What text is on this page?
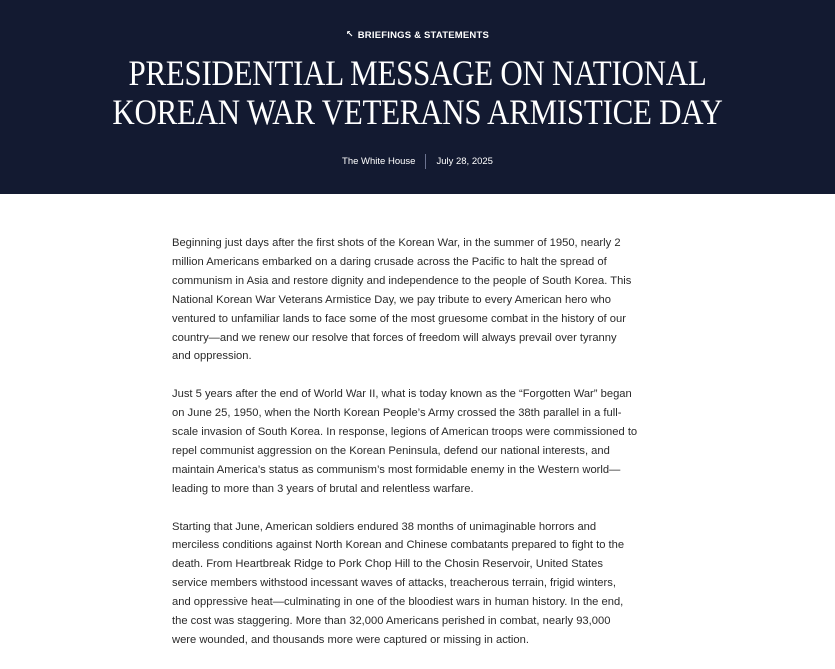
↖ BRIEFINGS & STATEMENTS
PRESIDENTIAL MESSAGE ON NATIONAL
KOREAN WAR VETERANS ARMISTICE DAY
The White House	July 28, 2025

Beginning just days after the first shots of the Korean War, in the summer of 1950, nearly 2
million Americans embarked on a daring crusade across the Pacific to halt the spread of
communism in Asia and restore dignity and independence to the people of South Korea. This
National Korean War Veterans Armistice Day, we pay tribute to every American hero who
ventured to unfamiliar lands to face some of the most gruesome combat in the history of our
country—and we renew our resolve that forces of freedom will always prevail over tyranny
and oppression.

Just 5 years after the end of World War II, what is today known as the “Forgotten War” began
on June 25, 1950, when the North Korean People’s Army crossed the 38th parallel in a full-
scale invasion of South Korea. In response, legions of American troops were commissioned to
repel communist aggression on the Korean Peninsula, defend our national interests, and
maintain America’s status as communism’s most formidable enemy in the Western world—
leading to more than 3 years of brutal and relentless warfare.

Starting that June, American soldiers endured 38 months of unimaginable horrors and
merciless conditions against North Korean and Chinese combatants prepared to fight to the
death. From Heartbreak Ridge to Pork Chop Hill to the Chosin Reservoir, United States
service members withstood incessant waves of attacks, treacherous terrain, frigid winters,
and oppressive heat—culminating in one of the bloodiest wars in human history. In the end,
the cost was staggering. More than 32,000 Americans perished in combat, nearly 93,000
were wounded, and thousands more were captured or missing in action.
